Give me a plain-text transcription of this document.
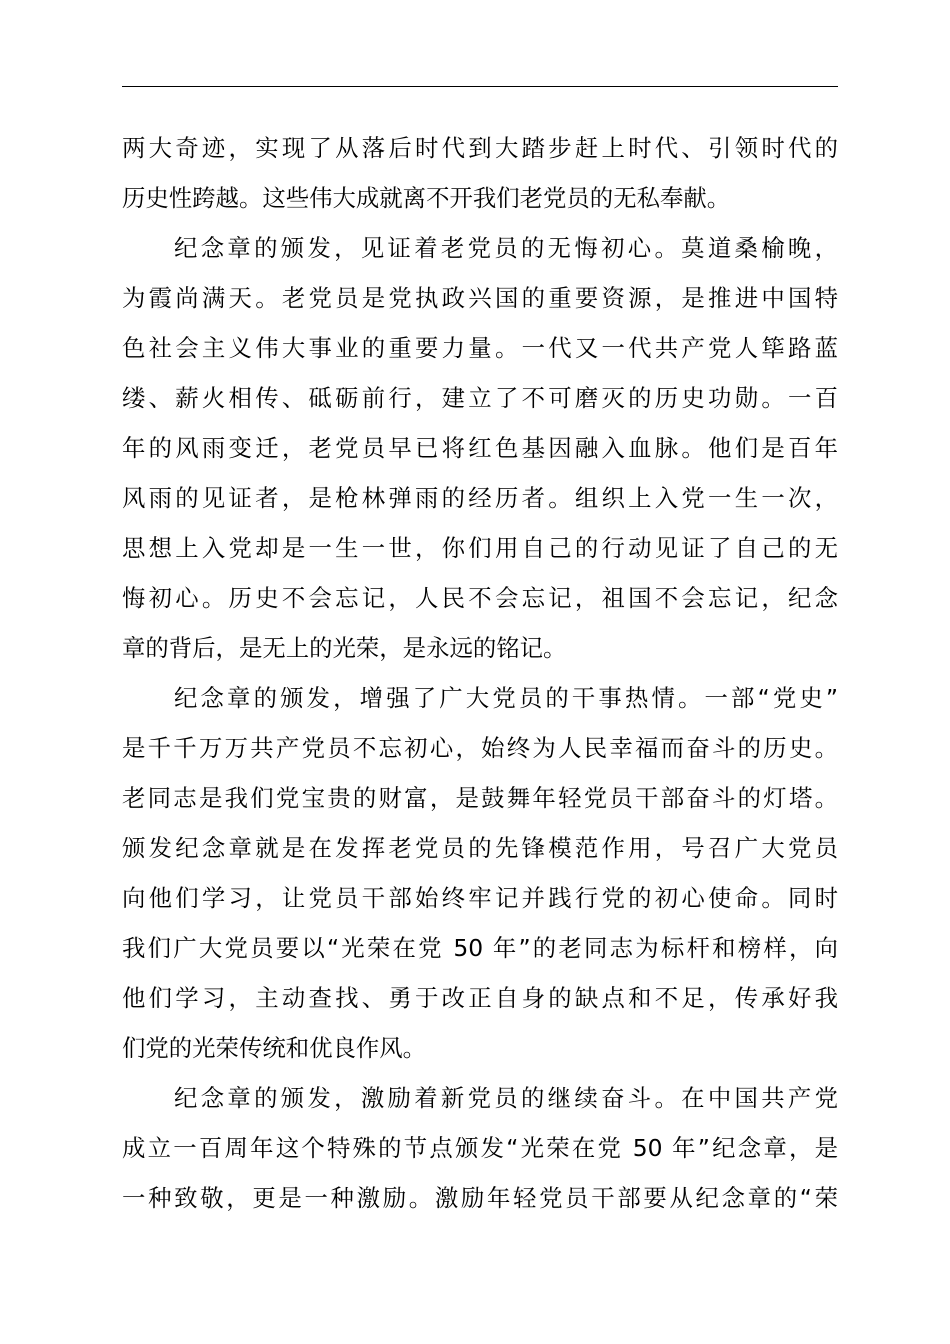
两大奇迹，实现了从落后时代到大踏步赶上时代、引领时代的
历史性跨越。这些伟大成就离不开我们老党员的无私奉献。
纪念章的颁发，见证着老党员的无悔初心。莫道桑榆晚，
为霞尚满天。老党员是党执政兴国的重要资源，是推进中国特
色社会主义伟大事业的重要力量。一代又一代共产党人筚路蓝
缕、薪火相传、砥砺前行，建立了不可磨灭的历史功勋。一百
年的风雨变迁，老党员早已将红色基因融入血脉。他们是百年
风雨的见证者，是枪林弹雨的经历者。组织上入党一生一次，
思想上入党却是一生一世，你们用自己的行动见证了自己的无
悔初心。历史不会忘记，人民不会忘记，祖国不会忘记，纪念
章的背后，是无上的光荣，是永远的铭记。
纪念章的颁发，增强了广大党员的干事热情。一部“党史”
是千千万万共产党员不忘初心，始终为人民幸福而奋斗的历史。
老同志是我们党宝贵的财富，是鼓舞年轻党员干部奋斗的灯塔。
颁发纪念章就是在发挥老党员的先锋模范作用，号召广大党员
向他们学习，让党员干部始终牢记并践行党的初心使命。同时
我们广大党员要以“光荣在党 50 年”的老同志为标杆和榜样，向
他们学习，主动查找、勇于改正自身的缺点和不足，传承好我
们党的光荣传统和优良作风。
纪念章的颁发，激励着新党员的继续奋斗。在中国共产党
成立一百周年这个特殊的节点颁发“光荣在党 50 年”纪念章，是
一种致敬，更是一种激励。激励年轻党员干部要从纪念章的“荣
